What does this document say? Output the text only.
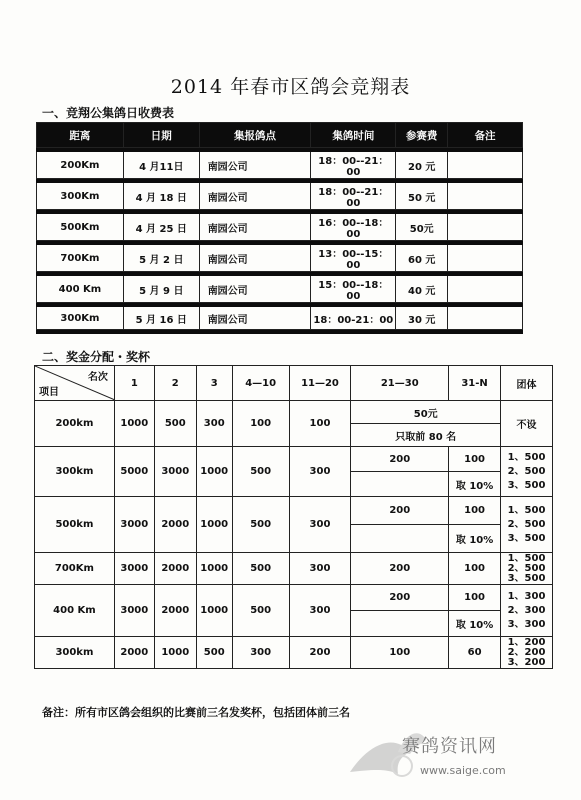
2014 年春市区鸽会竞翔表
一、竞翔公集鸽日收费表
距离	日期	集报鸽点	集鸽时间	参赛费	备注

200Km	4 月11日	南园公司	18：00--21：00	20 元	

300Km	4 月 18 日	南园公司	18：00--21：00	50 元	

500Km	4 月 25 日	南园公司	16：00--18：00	50元	

700Km	5 月 2 日	南园公司	13：00--15：00	60 元	

400 Km	5 月 9 日	南园公司	15：00--18：00	40 元	

300Km	5 月 16 日	南园公司	18：00-21：00	30 元	

二、奖金分配・奖杯
名次
项目	1	2	3	4—10	11—20	21—30	31-N	团体
200km	1000	500	300	100	100	50元		不设
						只取前 80 名		
300km	5000	3000	1000	500	300	200	100	1、500
2、500
3、500

							取 10%	
500km	3000	2000	1000	500	300	200	100	1、500
2、500
3、500

							取 10%	
700Km	3000	2000	1000	500	300	200	100	1、500
2、500
3、500

400 Km	3000	2000	1000	500	300	200	100	1、300
2、300
3、300

							取 10%	
300km	2000	1000	500	300	200	100	60	1、200
2、200
3、200
备注：所有市区鸽会组织的比赛前三名发奖杯，包括团体前三名
赛鸽资讯网
www.saige.com
